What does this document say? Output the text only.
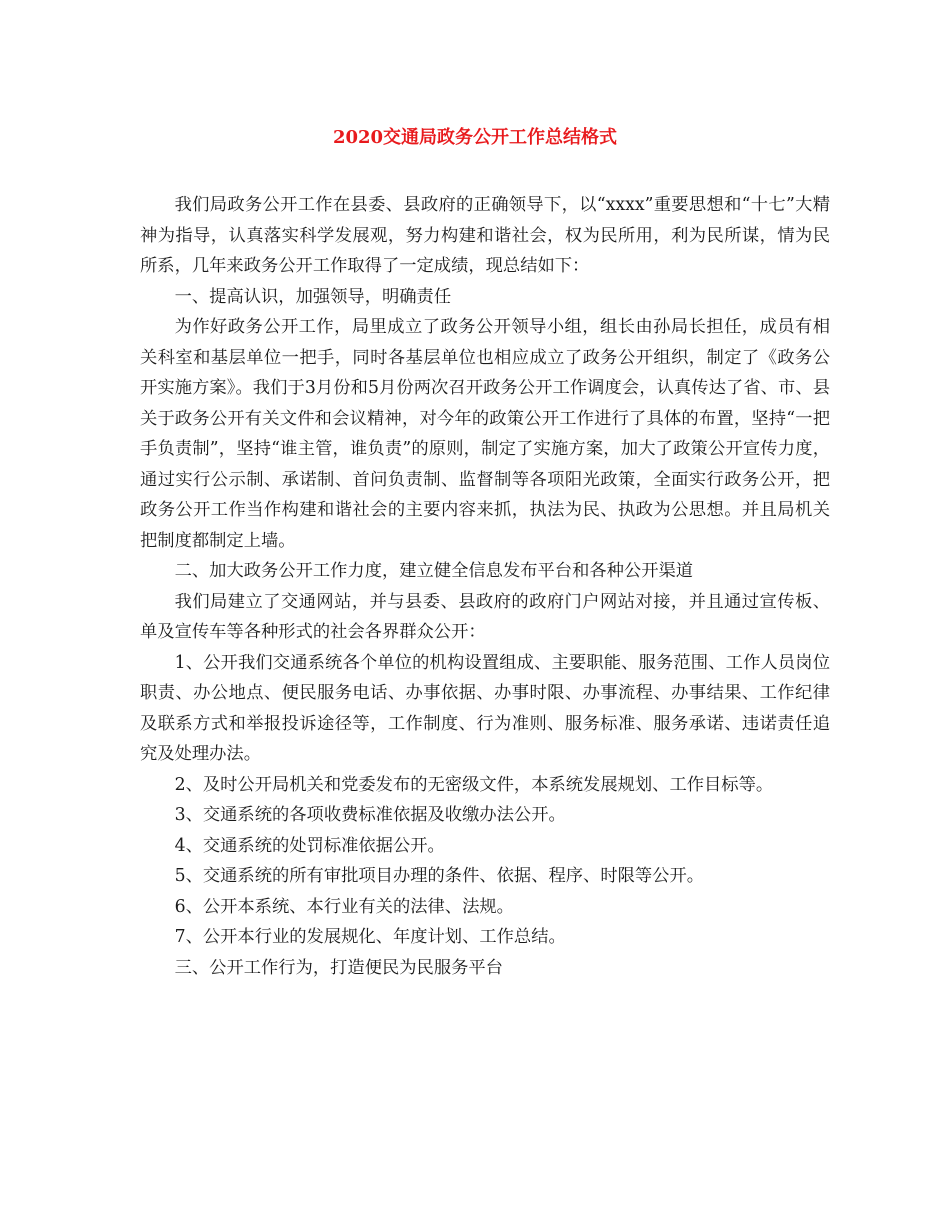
2020交通局政务公开工作总结格式

我们局政务公开工作在县委、县政府的正确领导下，以“xxxx”重要思想和“十七”大精神为指导，认真落实科学发展观，努力构建和谐社会，权为民所用，利为民所谋，情为民所系，几年来政务公开工作取得了一定成绩，现总结如下：

一、提高认识，加强领导，明确责任

为作好政务公开工作，局里成立了政务公开领导小组，组长由孙局长担任，成员有相关科室和基层单位一把手，同时各基层单位也相应成立了政务公开组织，制定了《政务公开实施方案》。我们于3月份和5月份两次召开政务公开工作调度会，认真传达了省、市、县关于政务公开有关文件和会议精神，对今年的政策公开工作进行了具体的布置，坚持“一把手负责制”，坚持“谁主管，谁负责”的原则，制定了实施方案，加大了政策公开宣传力度，通过实行公示制、承诺制、首问负责制、监督制等各项阳光政策，全面实行政务公开，把政务公开工作当作构建和谐社会的主要内容来抓，执法为民、执政为公思想。并且局机关把制度都制定上墙。

二、加大政务公开工作力度，建立健全信息发布平台和各种公开渠道

我们局建立了交通网站，并与县委、县政府的政府门户网站对接，并且通过宣传板、单及宣传车等各种形式的社会各界群众公开：

1、公开我们交通系统各个单位的机构设置组成、主要职能、服务范围、工作人员岗位职责、办公地点、便民服务电话、办事依据、办事时限、办事流程、办事结果、工作纪律及联系方式和举报投诉途径等，工作制度、行为准则、服务标准、服务承诺、违诺责任追究及处理办法。

2、及时公开局机关和党委发布的无密级文件，本系统发展规划、工作目标等。

3、交通系统的各项收费标准依据及收缴办法公开。

4、交通系统的处罚标准依据公开。

5、交通系统的所有审批项目办理的条件、依据、程序、时限等公开。

6、公开本系统、本行业有关的法律、法规。

7、公开本行业的发展规化、年度计划、工作总结。

三、公开工作行为，打造便民为民服务平台
